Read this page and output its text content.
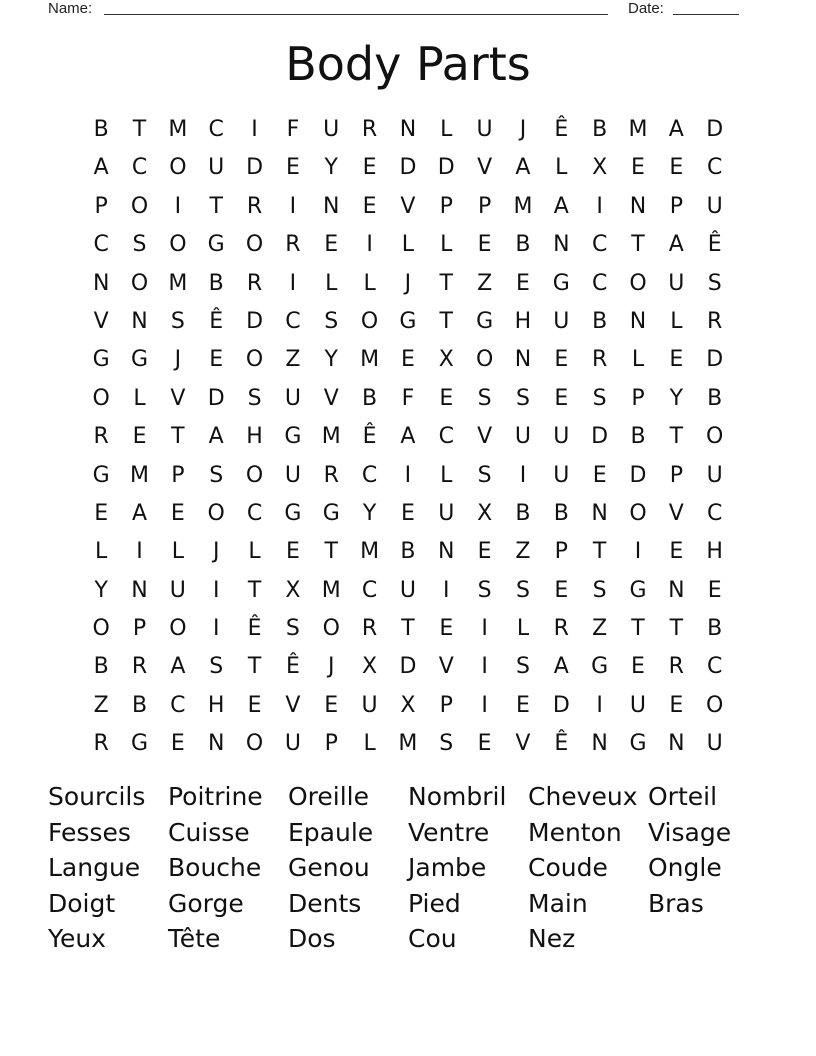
Name:	Date:
Body Parts
B	T	M C	I	F	U	R	N	L	U	J	Ê	B M A	D
A	C O U D	E	Y	E	D D	V	A	L	X	E	E	C
P	O	I	T	R	I	N	E	V	P	P	M A	I	N	P	U
C	S	O G O	R	E	I	L	L	E	B	N	C	T	A	Ê
N O M B	R	I	L	L	J	T	Z	E	G	C O U	S
V	N	S	Ê	D	C	S	O G	T	G H	U	B	N	L	R
G G	J	E	O	Z	Y	M E	X	O N	E	R	L	E	D
O	L	V	D	S	U	V	B	F	E	S	S	E	S	P	Y	B
R	E	T	A	H G M Ê	A	C	V	U	U D	B	T	O
G M	P	S	O U	R	C	I	L	S	I	U	E	D	P	U
E	A	E	O	C	G G	Y	E	U	X	B	B	N O	V	C
L	I	L	J	L	E	T	M B	N	E	Z	P	T	I	E	H
Y	N	U	I	T	X M C	U	I	S	S	E	S	G N	E
O	P	O	I	Ê	S	O	R	T	E	I	L	R	Z	T	T	B
B	R	A	S	T	Ê	J	X	D	V	I	S	A	G	E	R	C
Z	B	C	H	E	V	E	U	X	P	I	E	D	I	U	E	O
R	G	E	N O U	P	L	M S	E	V	Ê	N G N	U
Sourcils Poitrine	Oreille	Nombril Cheveux Orteil
Fesses	Cuisse	Epaule	Ventre	Menton	Visage
Langue	Bouche	Genou	Jambe	Coude	Ongle
Doigt	Gorge	Dents	Pied	Main	Bras
Yeux	Tête	Dos	Cou	Nez
